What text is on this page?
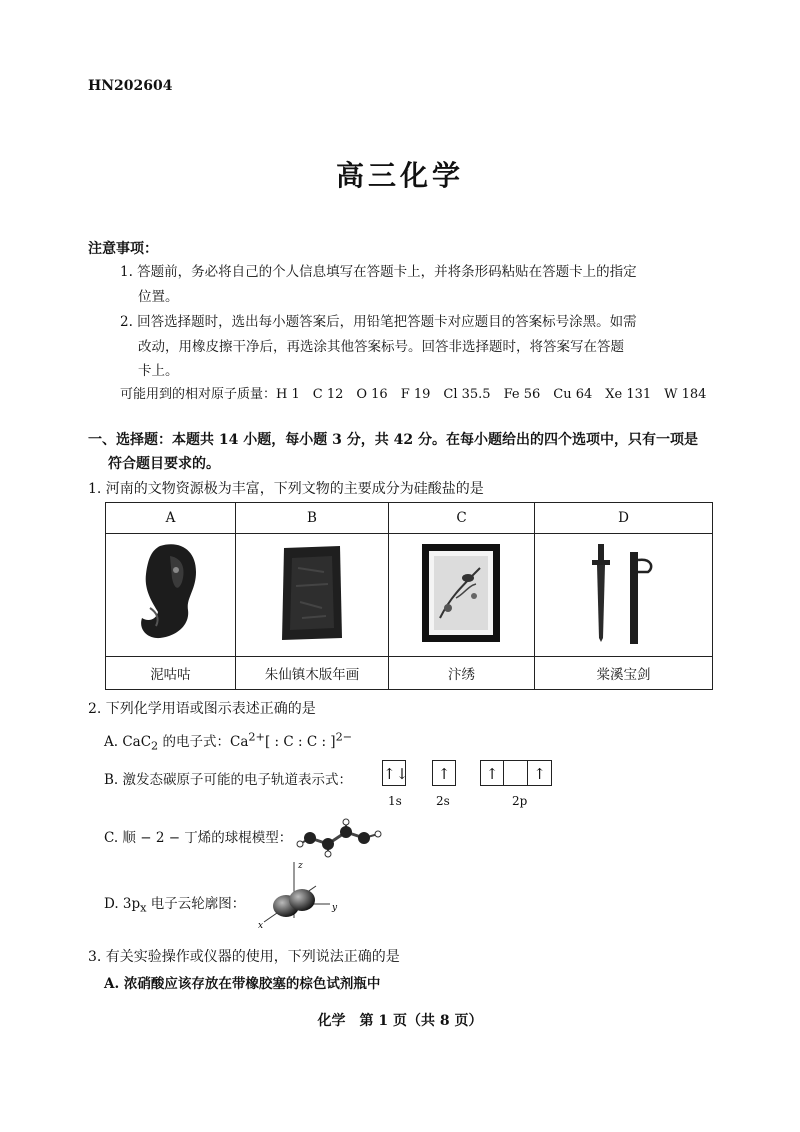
HN202604
高三化学
注意事项：
1. 答题前，务必将自己的个人信息填写在答题卡上，并将条形码粘贴在答题卡上的指定
位置。
2. 回答选择题时，选出每小题答案后，用铅笔把答题卡对应题目的答案标号涂黑。如需
改动，用橡皮擦干净后，再选涂其他答案标号。回答非选择题时，将答案写在答题
卡上。
可能用到的相对原子质量：H 1　C 12　O 16　F 19　Cl 35.5　Fe 56　Cu 64　Xe 131　W 184
一、选择题：本题共 14 小题，每小题 3 分，共 42 分。在每小题给出的四个选项中，只有一项是
符合题目要求的。
1. 河南的文物资源极为丰富，下列文物的主要成分为硅酸盐的是
A	B	C	D

泥咕咕	朱仙镇木版年画	汴绣	棠溪宝剑
2. 下列化学用语或图示表述正确的是
A. CaC$_2$ 的电子式：$Ca^{2+}$[ : C : C : ]$^{2-}$
B. 激发态碳原子可能的电子轨道表示式： ↑↓	↑	↑	↑
1s	2s	2p
C. 顺 − 2 − 丁烯的球棍模型：
D. $3p_x$ 电子云轮廓图：
z
y
x
3. 有关实验操作或仪器的使用，下列说法正确的是
A. 浓硝酸应该存放在带橡胶塞的棕色试剂瓶中
化学　第 1 页（共 8 页）
